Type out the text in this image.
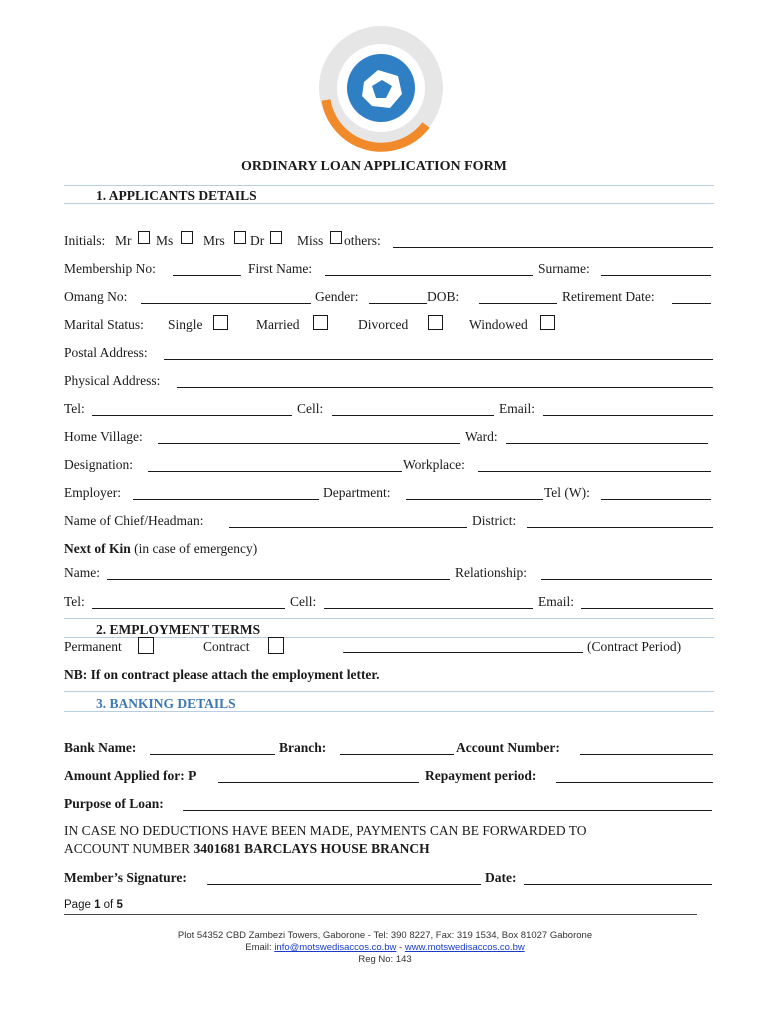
ORDINARY LOAN APPLICATION FORM
1. APPLICANTS DETAILS
Initials: Mr Ms Mrs Dr Miss others:
Membership No:	First Name:	Surname:
Omang No:	Gender:	DOB:	Retirement Date:
Marital Status: Single	Married	Divorced	Windowed
Postal Address:
Physical Address:
Tel:	Cell:	Email:
Home Village:	Ward:
Designation:	Workplace:
Employer:	Department:	Tel (W):
Name of Chief/Headman:	District:
Next of Kin (in case of emergency)
Name:	Relationship:
Tel:	Cell:	Email:
2. EMPLOYMENT TERMS
Permanent	Contract	(Contract Period)
NB: If on contract please attach the employment letter.
3. BANKING DETAILS
Bank Name:	Branch:	Account Number:
Amount Applied for: P	Repayment period:
Purpose of Loan:
IN CASE NO DEDUCTIONS HAVE BEEN MADE, PAYMENTS CAN BE FORWARDED TO
ACCOUNT NUMBER 3401681 BARCLAYS HOUSE BRANCH
Member’s Signature:	Date:
Page 1 of 5
Plot 54352 CBD Zambezi Towers, Gaborone - Tel: 390 8227, Fax: 319 1534, Box 81027 Gaborone
Email: info@motswedisaccos.co.bw - www.motswedisaccos.co.bw
Reg No: 143
